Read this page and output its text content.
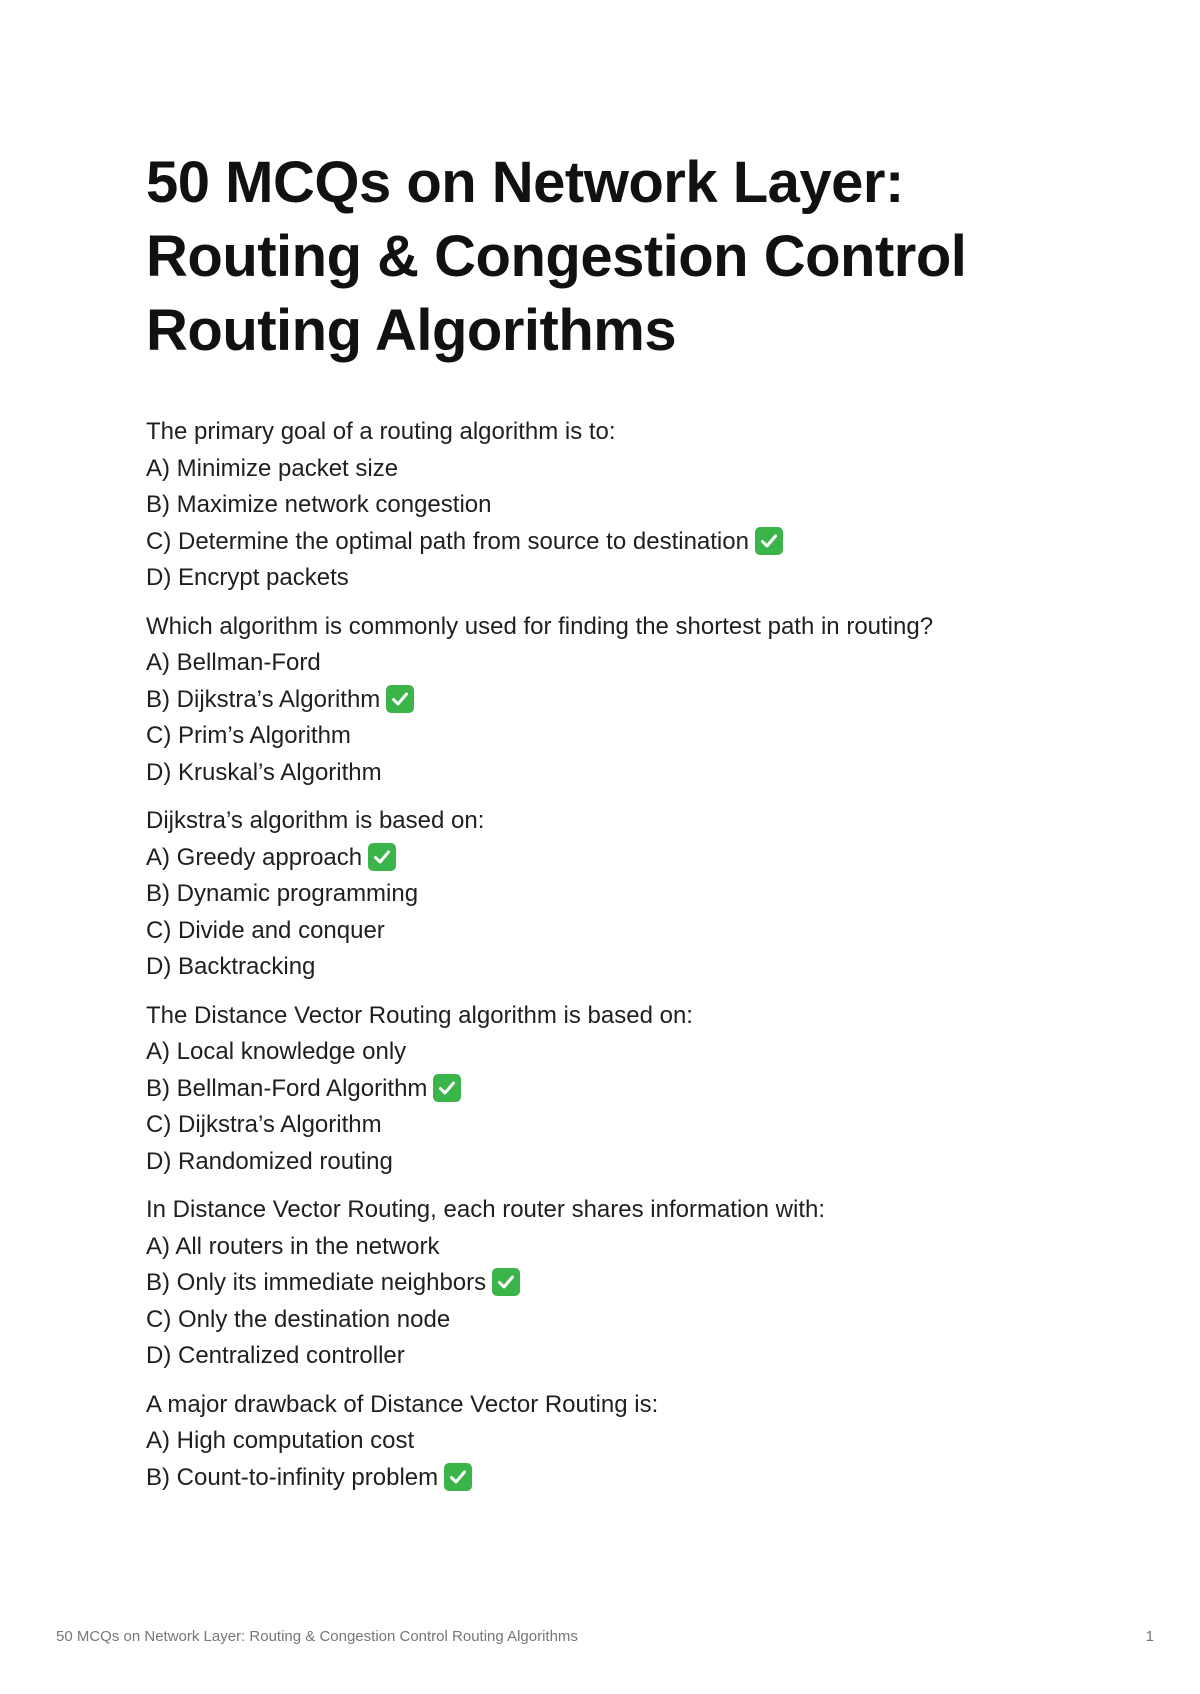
50 MCQs on Network Layer:
Routing & Congestion Control
Routing Algorithms
The primary goal of a routing algorithm is to:
A) Minimize packet size
B) Maximize network congestion
C) Determine the optimal path from source to destination
D) Encrypt packets
Which algorithm is commonly used for finding the shortest path in routing?
A) Bellman-Ford
B) Dijkstra’s Algorithm
C) Prim’s Algorithm
D) Kruskal’s Algorithm
Dijkstra’s algorithm is based on:
A) Greedy approach
B) Dynamic programming
C) Divide and conquer
D) Backtracking
The Distance Vector Routing algorithm is based on:
A) Local knowledge only
B) Bellman-Ford Algorithm
C) Dijkstra’s Algorithm
D) Randomized routing
In Distance Vector Routing, each router shares information with:
A) All routers in the network
B) Only its immediate neighbors
C) Only the destination node
D) Centralized controller
A major drawback of Distance Vector Routing is:
A) High computation cost
B) Count-to-infinity problem
50 MCQs on Network Layer: Routing & Congestion Control Routing Algorithms	1
